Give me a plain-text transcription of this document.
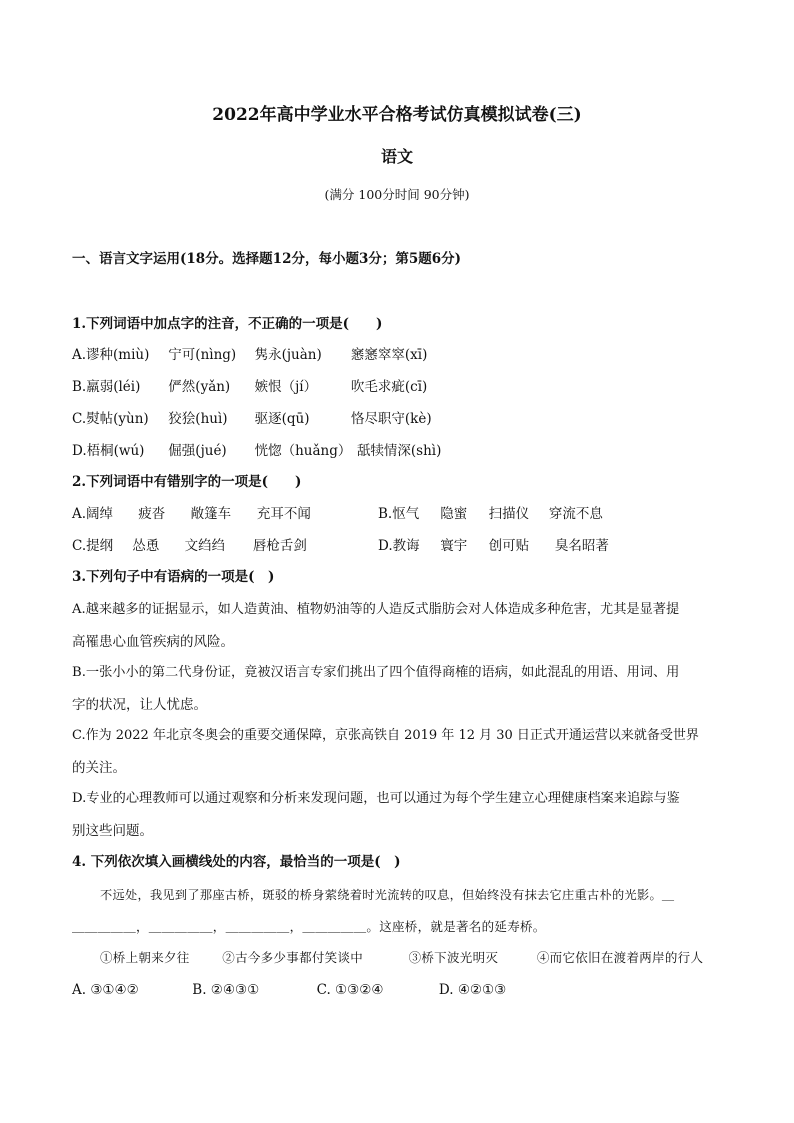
2022年高中学业水平合格考试仿真模拟试卷(三)
语文
(满分 100分时间 90分钟)
一、语言文字运用(18分。选择题12分，每小题3分；第5题6分)
1.下列词语中加点字的注音，不正确的一项是(　　)
A.谬种(miù) 宁可(nìng) 隽永(juàn) 窸窸窣窣(xī)
B.羸弱(léi) 俨然(yǎn) 嫉恨（jí）	吹毛求疵(cī)
C.熨帖(yùn) 狡狯(huì) 驱逐(qū)	恪尽职守(kè)
D.梧桐(wú) 倔强(jué) 恍惚（huǎng） 舐犊情深(shì)
2.下列词语中有错别字的一项是(　　)
A.阔绰 疲沓 敞篷车 充耳不闻	B.怄气 隐蜜 扫描仪 穿流不息
C.提纲 怂恿 文绉绉 唇枪舌剑	D.教诲 寰宇 创可贴 臭名昭著
3.下列句子中有语病的一项是(　)
A.越来越多的证据显示，如人造黄油、植物奶油等的人造反式脂肪会对人体造成多种危害，尤其是显著提
高罹患心血管疾病的风险。
B.一张小小的第二代身份证，竟被汉语言专家们挑出了四个值得商榷的语病，如此混乱的用语、用词、用
字的状况，让人忧虑。
C.作为 2022 年北京冬奥会的重要交通保障，京张高铁自 2019 年 12 月 30 日正式开通运营以来就备受世界
的关注。
D.专业的心理教师可以通过观察和分析来发现问题，也可以通过为每个学生建立心理健康档案来追踪与鉴
别这些问题。
4. 下列依次填入画横线处的内容，最恰当的一项是(　)
不远处，我见到了那座古桥，斑驳的桥身萦绕着时光流转的叹息，但始终没有抹去它庄重古朴的光影。＿
＿＿＿＿＿，＿＿＿＿＿，＿＿＿＿＿，＿＿＿＿＿。这座桥，就是著名的延寿桥。
①桥上朝来夕往	②古今多少事都付笑谈中	③桥下波光明灭	④而它依旧在渡着两岸的行人
A. ③①④②	B. ②④③①	C. ①③②④	D. ④②①③
